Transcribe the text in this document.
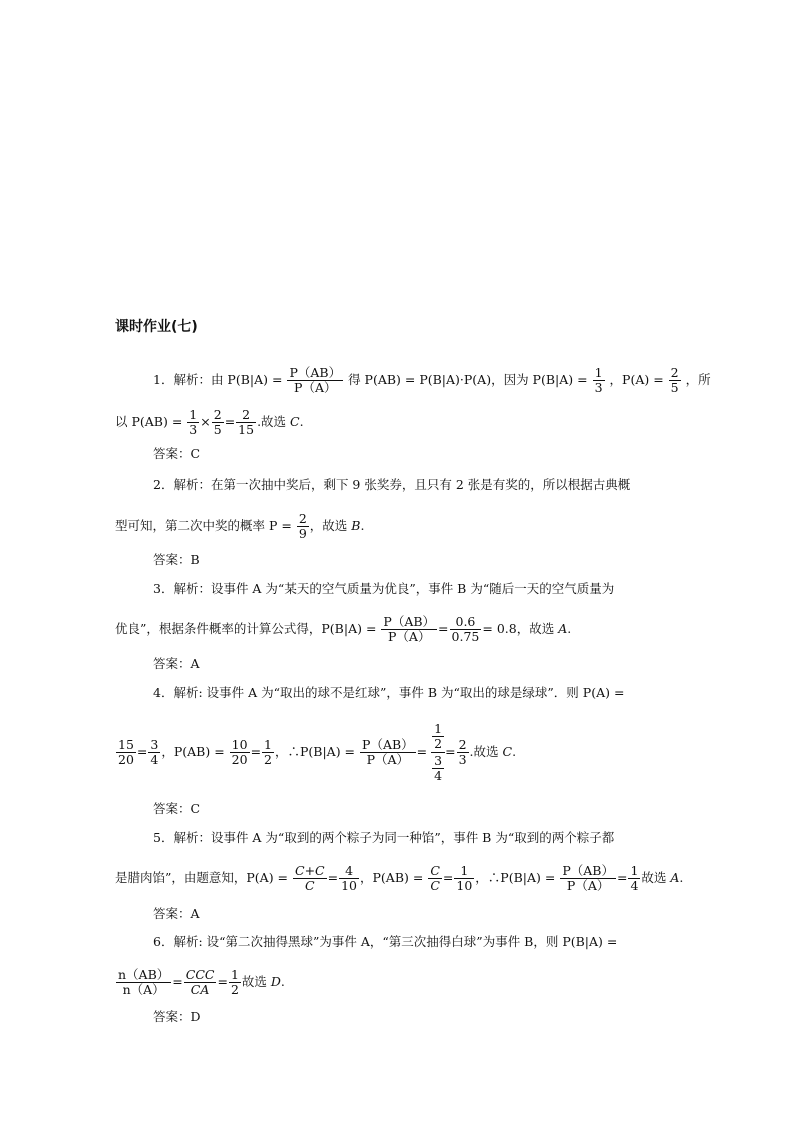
课时作业(七)
1．解析：由 $P(B|A) = \frac{P(AB)}{P(A)}$ 得 P(AB) = P(B|A)·P(A)，因为 $P(B|A) = \frac{1}{3}$ ，$P(A) = \frac{2}{5}$ ，所
以 $P(AB) = \frac{1}{3} \times \frac{2}{5} = \frac{2}{15}$ .故选 C.
答案：C
2．解析：在第一次抽中奖后，剩下 9 张奖券，且只有 2 张是有奖的，所以根据古典概
型可知，第二次中奖的概率 $P = \frac{2}{9}$ ，故选 B.
答案：B
3．解析：设事件 A 为“某天的空气质量为优良”，事件 B 为“随后一天的空气质量为
优良”，根据条件概率的计算公式得，$P(B|A) = \frac{P(AB)}{P(A)} = \frac{0.6}{0.75} = 0.8$，故选 A.
答案：A
4．解析: 设事件 A 为“取出的球不是红球”，事件 B 为“取出的球是绿球”．则 P(A) =
$\frac{15}{20} = \frac{3}{4}$ ，$P(AB) = \frac{10}{20} = \frac{1}{2}$ ，∴P(B|A) = $\frac{P(AB)}{P(A)} = \frac{\frac{1}{2}}{\frac{3}{4}} = \frac{2}{3}$ .故选 C.
答案：C
5．解析：设事件 A 为“取到的两个粽子为同一种馅”，事件 B 为“取到的两个粽子都
是腊肉馅”，由题意知，$P(A) = \frac{C+C}{C} = \frac{4}{10}$ ，$P(AB) = \frac{C}{C} = \frac{1}{10}$ ，∴P(B|A) = $\frac{P(AB)}{P(A)} = \frac{1}{4}$ 故选 A.
答案：A
6．解析: 设“第二次抽得黑球”为事件 A，“第三次抽得白球”为事件 B，则 P(B|A) =
$\frac{n(AB)}{n(A)} = \frac{\text{CCC}}{CA} = \frac{1}{2}$ 故选 D.
答案：D
